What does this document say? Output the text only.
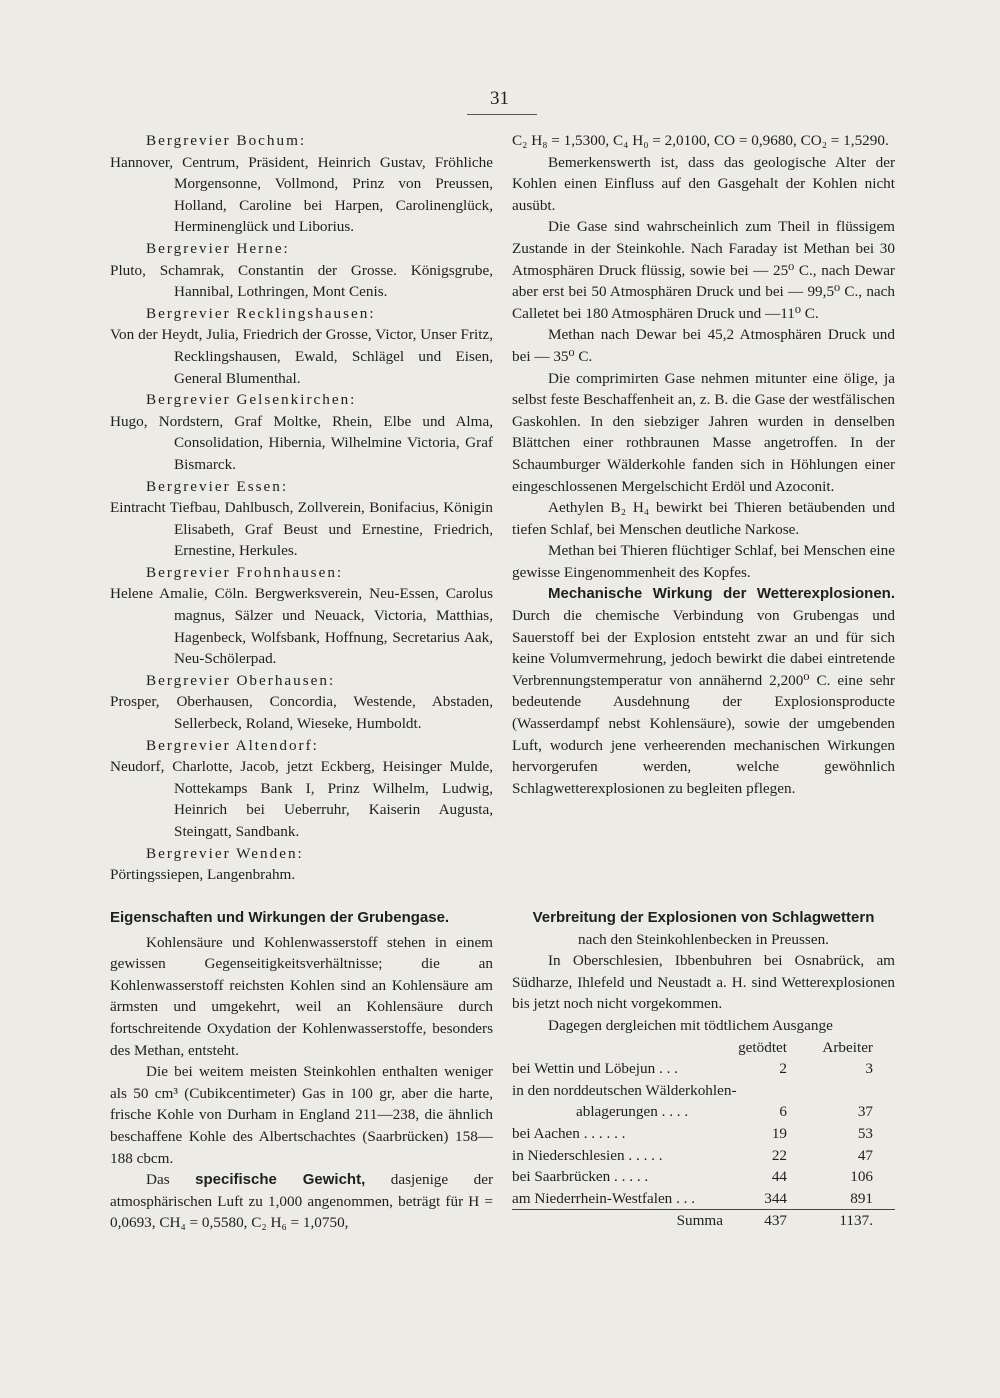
31

Bergrevier Bochum:

Hannover, Centrum, Präsident, Heinrich Gustav, Fröhliche Morgensonne, Vollmond, Prinz von Preussen, Holland, Caroline bei Harpen, Carolinenglück, Herminenglück und Liborius.

Bergrevier Herne:

Pluto, Schamrak, Constantin der Grosse. Königsgrube, Hannibal, Lothringen, Mont Cenis.

Bergrevier Recklingshausen:

Von der Heydt, Julia, Friedrich der Grosse, Victor, Unser Fritz, Recklingshausen, Ewald, Schlägel und Eisen, General Blumenthal.

Bergrevier Gelsenkirchen:

Hugo, Nordstern, Graf Moltke, Rhein, Elbe und Alma, Consolidation, Hibernia, Wilhelmine Victoria, Graf Bismarck.

Bergrevier Essen:

Eintracht Tiefbau, Dahlbusch, Zollverein, Bonifacius, Königin Elisabeth, Graf Beust und Ernestine, Friedrich, Ernestine, Herkules.

Bergrevier Frohnhausen:

Helene Amalie, Cöln. Bergwerksverein, Neu-Essen, Carolus magnus, Sälzer und Neuack, Victoria, Matthias, Hagenbeck, Wolfsbank, Hoffnung, Secretarius Aak, Neu-Schölerpad.

Bergrevier Oberhausen:

Prosper, Oberhausen, Concordia, Westende, Abstaden, Sellerbeck, Roland, Wieseke, Humboldt.

Bergrevier Altendorf:

Neudorf, Charlotte, Jacob, jetzt Eckberg, Heisinger Mulde, Nottekamps Bank I, Prinz Wilhelm, Ludwig, Heinrich bei Ueberruhr, Kaiserin Augusta, Steingatt, Sandbank.

Bergrevier Wenden:

Pörtingssiepen, Langenbrahm.

C₂ H₈ = 1,5300, C₄ H₀ = 2,0100, CO = 0,9680, CO₂ = 1,5290.

Bemerkenswerth ist, dass das geologische Alter der Kohlen einen Einfluss auf den Gasgehalt der Kohlen nicht ausübt.

Die Gase sind wahrscheinlich zum Theil in flüssigem Zustande in der Steinkohle. Nach Faraday ist Methan bei 30 Atmosphären Druck flüssig, sowie bei — 25⁰ C., nach Dewar aber erst bei 50 Atmosphären Druck und bei — 99,5⁰ C., nach Calletet bei 180 Atmosphären Druck und —11⁰ C.

Methan nach Dewar bei 45,2 Atmosphären Druck und bei — 35⁰ C.

Die comprimirten Gase nehmen mitunter eine ölige, ja selbst feste Beschaffenheit an, z. B. die Gase der westfälischen Gaskohlen. In den siebziger Jahren wurden in denselben Blättchen einer rothbraunen Masse angetroffen. In der Schaumburger Wälderkohle fanden sich in Höhlungen einer eingeschlossenen Mergelschicht Erdöl und Azoconit.

Aethylen B₂ H₄ bewirkt bei Thieren betäubenden und tiefen Schlaf, bei Menschen deutliche Narkose.

Methan bei Thieren flüchtiger Schlaf, bei Menschen eine gewisse Eingenommenheit des Kopfes.

Mechanische Wirkung der Wetterexplosionen. Durch die chemische Verbindung von Grubengas und Sauerstoff bei der Explosion entsteht zwar an und für sich keine Volumvermehrung, jedoch bewirkt die dabei eintretende Verbrennungstemperatur von annähernd 2,200⁰ C. eine sehr bedeutende Ausdehnung der Explosionsproducte (Wasserdampf nebst Kohlensäure), sowie der umgebenden Luft, wodurch jene verheerenden mechanischen Wirkungen hervorgerufen werden, welche gewöhnlich Schlagwetterexplosionen zu begleiten pflegen.

Eigenschaften und Wirkungen der Grubengase.

Kohlensäure und Kohlenwasserstoff stehen in einem gewissen Gegenseitigkeitsverhältnisse; die an Kohlenwasserstoff reichsten Kohlen sind an Kohlensäure am ärmsten und umgekehrt, weil an Kohlensäure durch fortschreitende Oxydation der Kohlenwasserstoffe, besonders des Methan, entsteht.

Die bei weitem meisten Steinkohlen enthalten weniger als 50 cm³ (Cubikcentimeter) Gas in 100 gr, aber die harte, frische Kohle von Durham in England 211—238, die ähnlich beschaffene Kohle des Albertschachtes (Saarbrücken) 158—188 cbcm.

Das specifische Gewicht, dasjenige der atmosphärischen Luft zu 1,000 angenommen, beträgt für H = 0,0693, CH₄ = 0,5580, C₂ H₆ = 1,0750,

Verbreitung der Explosionen von Schlagwettern

nach den Steinkohlenbecken in Preussen.

In Oberschlesien, Ibbenbuhren bei Osnabrück, am Südharze, Ihlefeld und Neustadt a. H. sind Wetterexplosionen bis jetzt noch nicht vorgekommen.

Dagegen dergleichen mit tödtlichem Ausgange

	getödtet	Arbeiter
bei Wettin und Löbejun . . .	2	3
in den norddeutschen Wälderkohlen-		
ablagerungen . . . .	6	37
bei Aachen . . . . . .	19	53
in Niederschlesien . . . . .	22	47
bei Saarbrücken . . . . .	44	106
am Niederrhein-Westfalen . . .	344	891
Summa	437	1137.
